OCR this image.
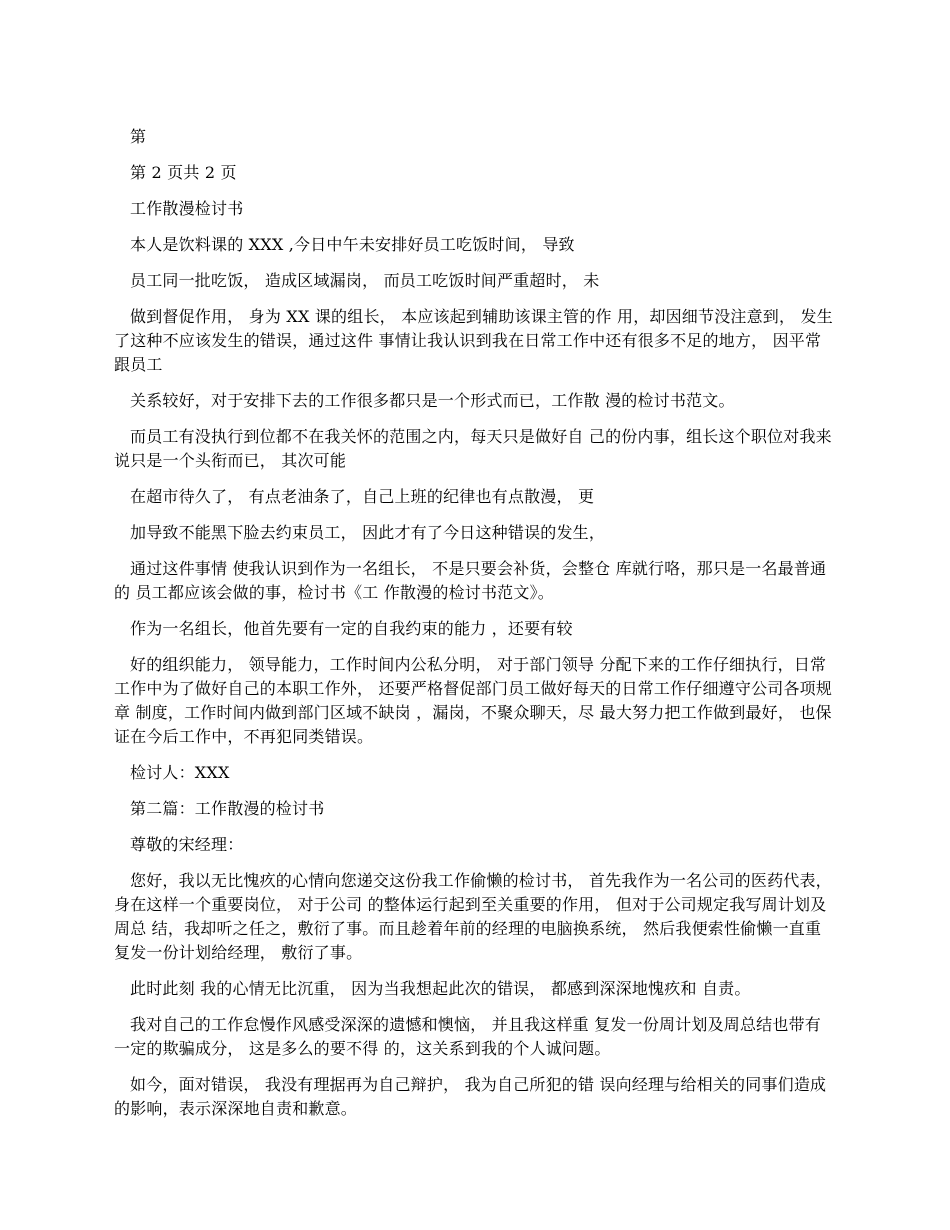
第

第 2 页共 2 页

工作散漫检讨书

本人是饮料课的 XXX ,今日中午未安排好员工吃饭时间， 导致

员工同一批吃饭， 造成区域漏岗， 而员工吃饭时间严重超时， 未

做到督促作用， 身为 XX 课的组长， 本应该起到辅助该课主管的作 用，却因细节没注意到， 发生了这种不应该发生的错误，通过这件 事情让我认识到我在日常工作中还有很多不足的地方， 因平常跟员工

关系较好，对于安排下去的工作很多都只是一个形式而已，工作散 漫的检讨书范文。

而员工有没执行到位都不在我关怀的范围之内，每天只是做好自 己的份内事，组长这个职位对我来说只是一个头衔而已， 其次可能

在超市待久了， 有点老油条了，自己上班的纪律也有点散漫， 更

加导致不能黑下脸去约束员工， 因此才有了今日这种错误的发生，

通过这件事情 使我认识到作为一名组长， 不是只要会补货，会整仓 库就行咯，那只是一名最普通的 员工都应该会做的事，检讨书《工 作散漫的检讨书范文》。

作为一名组长，他首先要有一定的自我约束的能力 ，还要有较

好的组织能力， 领导能力，工作时间内公私分明， 对于部门领导 分配下来的工作仔细执行，日常工作中为了做好自己的本职工作外， 还要严格督促部门员工做好每天的日常工作仔细遵守公司各项规章 制度，工作时间内做到部门区域不缺岗 ，漏岗，不聚众聊天，尽 最大努力把工作做到最好， 也保证在今后工作中，不再犯同类错误。

检讨人：XXX

第二篇：工作散漫的检讨书

尊敬的宋经理：

您好，我以无比愧疚的心情向您递交这份我工作偷懒的检讨书， 首先我作为一名公司的医药代表， 身在这样一个重要岗位， 对于公司 的整体运行起到至关重要的作用， 但对于公司规定我写周计划及周总 结，我却听之任之，敷衍了事。而且趁着年前的经理的电脑换系统， 然后我便索性偷懒一直重复发一份计划给经理， 敷衍了事。

此时此刻 我的心情无比沉重， 因为当我想起此次的错误， 都感到深深地愧疚和 自责。

我对自己的工作怠慢作风感受深深的遗憾和懊恼， 并且我这样重 复发一份周计划及周总结也带有一定的欺骗成分， 这是多么的要不得 的，这关系到我的个人诚问题。

如今，面对错误， 我没有理据再为自己辩护， 我为自己所犯的错 误向经理与给相关的同事们造成的影响，表示深深地自责和歉意。
